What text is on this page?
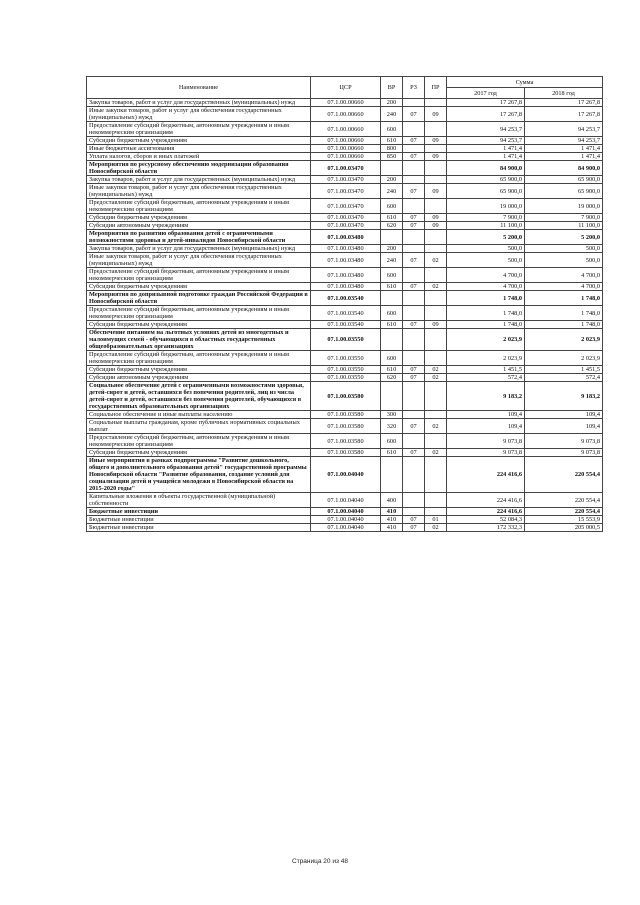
Наименование	ЦСР	ВР	РЗ	ПР	Сумма	
					2017 год	2018 год
Закупка товаров, работ и услуг для государственных (муниципальных) нужд	07.1.00.00660	200			17 267,8	17 267,8
Иные закупки товаров, работ и услуг для обеспечения государственных (муниципальных) нужд	07.1.00.00660	240	07	09	17 267,8	17 267,8
Предоставление субсидий бюджетным, автономным учреждениям и иным некоммерческим организациям	07.1.00.00660	600			94 253,7	94 253,7
Субсидии бюджетным учреждениям	07.1.00.00660	610	07	09	94 253,7	94 253,7
Иные бюджетные ассигнования	07.1.00.00660	800			1 471,4	1 471,4
Уплата налогов, сборов и иных платежей	07.1.00.00660	850	07	09	1 471,4	1 471,4
Мероприятия по ресурсному обеспечению модернизации образования Новосибирской области	07.1.00.03470				84 900,0	84 900,0
Закупка товаров, работ и услуг для государственных (муниципальных) нужд	07.1.00.03470	200			65 900,0	65 900,0
Иные закупки товаров, работ и услуг для обеспечения государственных (муниципальных) нужд	07.1.00.03470	240	07	09	65 900,0	65 900,0
Предоставление субсидий бюджетным, автономным учреждениям и иным некоммерческим организациям	07.1.00.03470	600			19 000,0	19 000,0
Субсидии бюджетным учреждениям	07.1.00.03470	610	07	09	7 900,0	7 900,0
Субсидии автономным учреждениям	07.1.00.03470	620	07	09	11 100,0	11 100,0
Мероприятия по развитию образования детей с ограниченными возможностями здоровья и детей-инвалидов Новосибирской области	07.1.00.03480				5 200,0	5 200,0
Закупка товаров, работ и услуг для государственных (муниципальных) нужд	07.1.00.03480	200			500,0	500,0
Иные закупки товаров, работ и услуг для обеспечения государственных (муниципальных) нужд	07.1.00.03480	240	07	02	500,0	500,0
Предоставление субсидий бюджетным, автономным учреждениям и иным некоммерческим организациям	07.1.00.03480	600			4 700,0	4 700,0
Субсидии бюджетным учреждениям	07.1.00.03480	610	07	02	4 700,0	4 700,0
Мероприятия по допризывной подготовке граждан Российской Федерации в Новосибирской области	07.1.00.03540				1 748,0	1 748,0
Предоставление субсидий бюджетным, автономным учреждениям и иным некоммерческим организациям	07.1.00.03540	600			1 748,0	1 748,0
Субсидии бюджетным учреждениям	07.1.00.03540	610	07	09	1 748,0	1 748,0
Обеспечение питанием на льготных условиях детей из многодетных и малоимущих семей - обучающихся в областных государственных общеобразовательных организациях	07.1.00.03550				2 023,9	2 023,9
Предоставление субсидий бюджетным, автономным учреждениям и иным некоммерческим организациям	07.1.00.03550	600			2 023,9	2 023,9
Субсидии бюджетным учреждениям	07.1.00.03550	610	07	02	1 451,5	1 451,5
Субсидии автономным учреждениям	07.1.00.03550	620	07	02	572,4	572,4
Социальное обеспечение детей с ограниченными возможностями здоровья, детей-сирот и детей, оставшихся без попечения родителей, лиц из числа детей-сирот и детей, оставшихся без попечения родителей, обучающихся в государственных образовательных организациях	07.1.00.03580				9 183,2	9 183,2
Социальное обеспечение и иные выплаты населению	07.1.00.03580	300			109,4	109,4
Социальные выплаты гражданам, кроме публичных нормативных социальных выплат	07.1.00.03580	320	07	02	109,4	109,4
Предоставление субсидий бюджетным, автономным учреждениям и иным некоммерческим организациям	07.1.00.03580	600			9 073,8	9 073,8
Субсидии бюджетным учреждениям	07.1.00.03580	610	07	02	9 073,8	9 073,8
Иные мероприятия в рамках подпрограммы "Развитие дошкольного, общего и дополнительного образования детей" государственной программы Новосибирской области "Развитие образования, создание условий для социализации детей и учащейся молодежи в Новосибирской области на 2015-2020 годы"	07.1.00.04040				224 416,6	220 554,4
Капитальные вложения в объекты государственной (муниципальной) собственности	07.1.00.04040	400			224 416,6	220 554,4
Бюджетные инвестиции	07.1.00.04040	410			224 416,6	220 554,4
Бюджетные инвестиции	07.1.00.04040	410	07	01	52 084,3	15 553,9
Бюджетные инвестиции	07.1.00.04040	410	07	02	172 332,3	205 000,5
Страница 20 из 48
